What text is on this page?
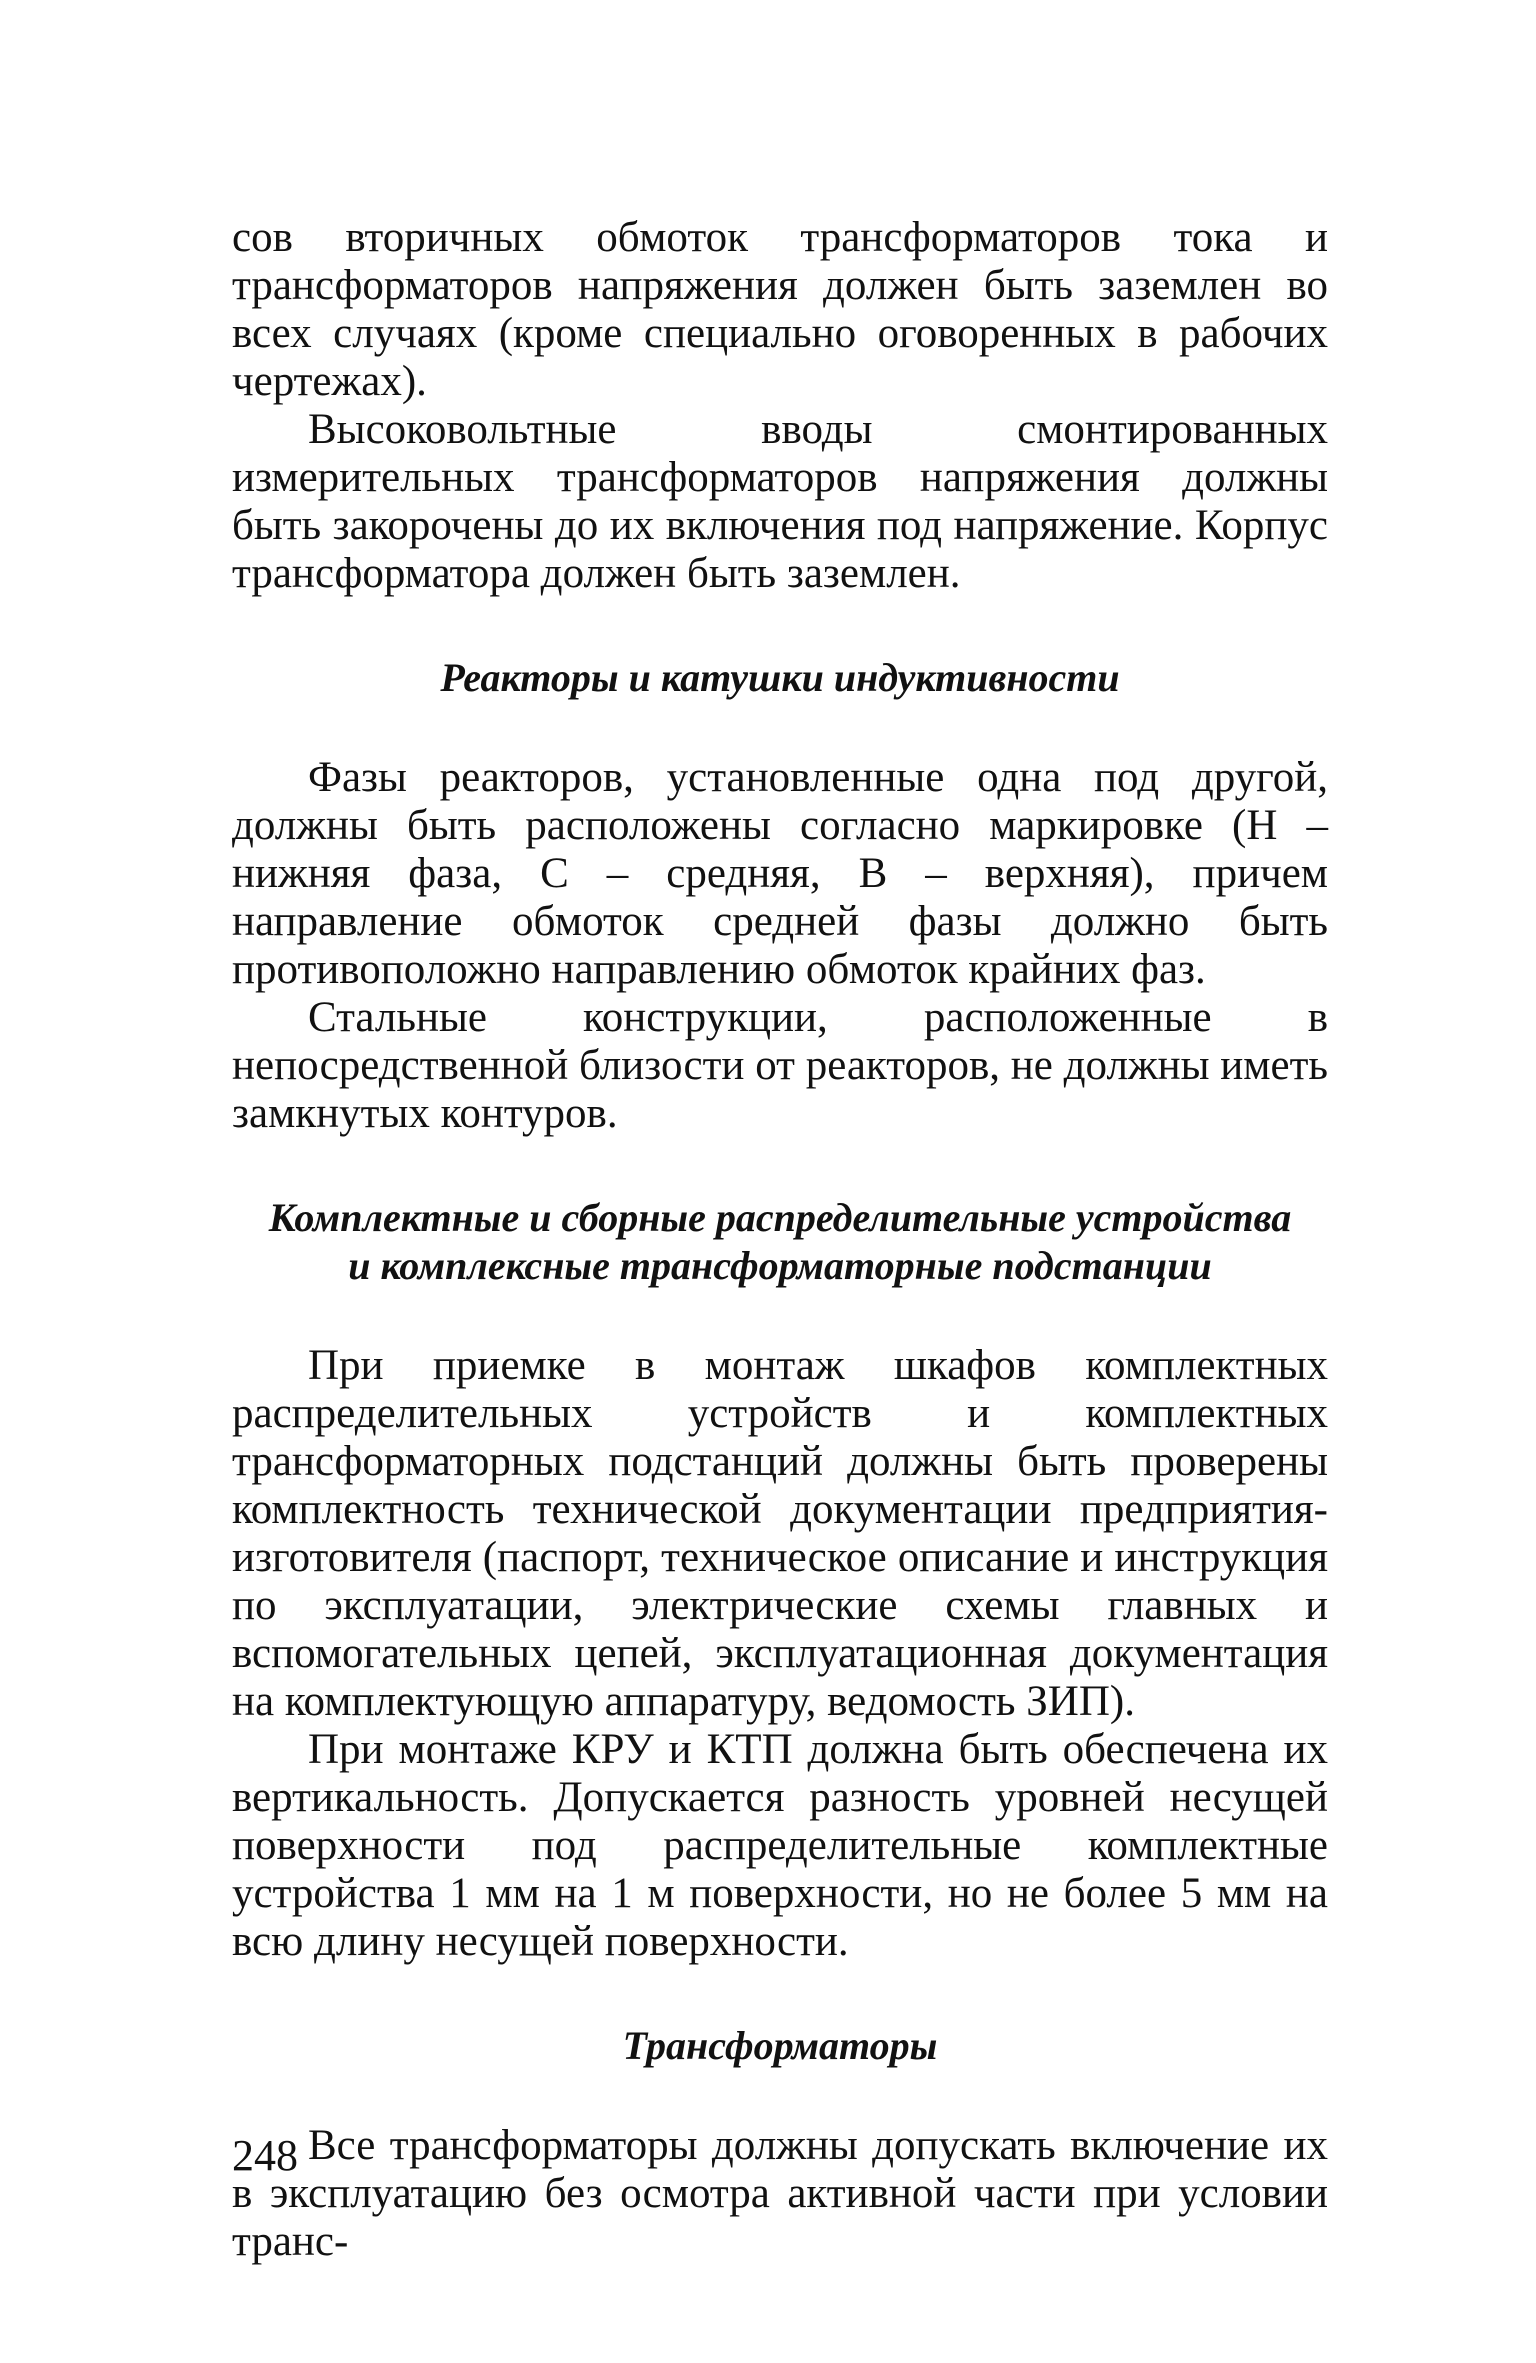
сов вторичных обмоток трансформаторов тока и трансформаторов напряжения должен быть заземлен во всех случаях (кроме специально оговоренных в рабочих чертежах).

Высоковольтные вводы смонтированных измерительных трансформаторов напряжения должны быть закорочены до их включения под напряжение. Корпус трансформатора должен быть заземлен.

Реакторы и катушки индуктивности

Фазы реакторов, установленные одна под другой, должны быть расположены согласно маркировке (Н – нижняя фаза, С – средняя, В – верхняя), причем направление обмоток средней фазы должно быть противоположно направлению обмоток крайних фаз.

Стальные конструкции, расположенные в непосредственной близости от реакторов, не должны иметь замкнутых контуров.

Комплектные и сборные распределительные устройства
и комплексные трансформаторные подстанции

При приемке в монтаж шкафов комплектных распределительных устройств и комплектных трансформаторных подстанций должны быть проверены комплектность технической документации предприятия-изготовителя (паспорт, техническое описание и инструкция по эксплуатации, электрические схемы главных и вспомогательных цепей, эксплуатационная документация на комплектующую аппаратуру, ведомость ЗИП).

При монтаже КРУ и КТП должна быть обеспечена их вертикальность. Допускается разность уровней несущей поверхности под распределительные комплектные устройства 1 мм на 1 м поверхности, но не более 5 мм на всю длину несущей поверхности.

Трансформаторы

Все трансформаторы должны допускать включение их в эксплуатацию без осмотра активной части при условии транс-

248
